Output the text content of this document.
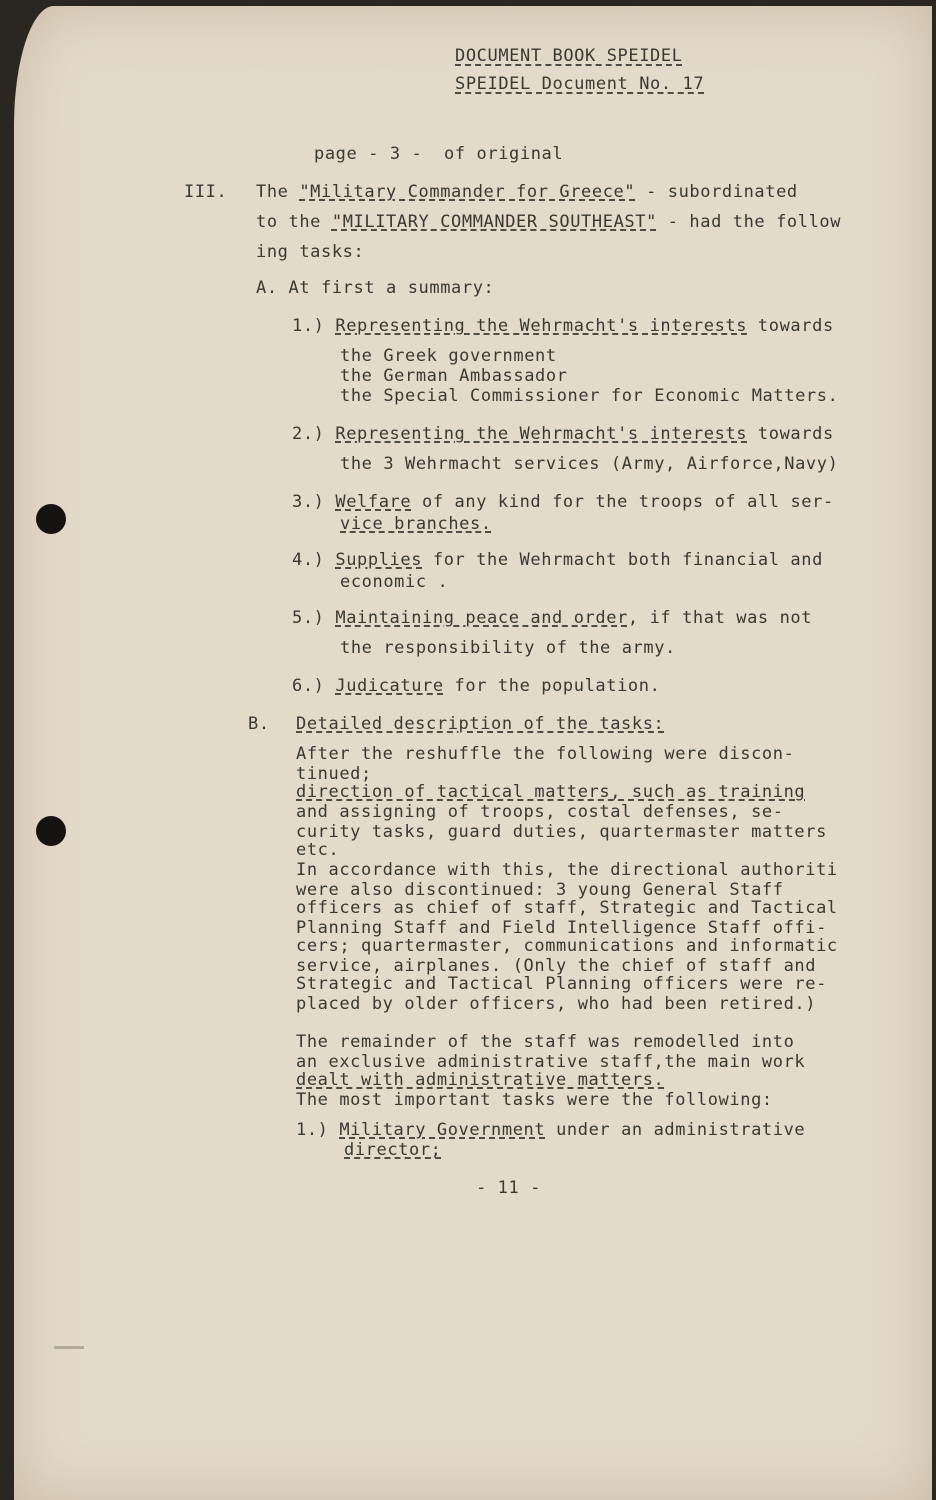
DOCUMENT BOOK SPEIDEL
SPEIDEL Document No. 17
page - 3 -  of original
III. The "Military Commander for Greece" - subordinated
to the "MILITARY COMMANDER SOUTHEAST" - had the follow
ing tasks:
A. At first a summary:
1.) Representing the Wehrmacht's interests towards
the Greek government
the German Ambassador
the Special Commissioner for Economic Matters.
2.) Representing the Wehrmacht's interests towards
the 3 Wehrmacht services (Army, Airforce,Navy)
3.) Welfare of any kind for the troops of all ser-
vice branches.
4.) Supplies for the Wehrmacht both financial and
economic .
5.) Maintaining peace and order, if that was not
the responsibility of the army.
6.) Judicature for the population.
B. Detailed description of the tasks:
After the reshuffle the following were discon-
tinued;
direction of tactical matters, such as training
and assigning of troops, costal defenses, se-
curity tasks, guard duties, quartermaster matters
etc.
In accordance with this, the directional authoriti
were also discontinued: 3 young General Staff
officers as chief of staff, Strategic and Tactical
Planning Staff and Field Intelligence Staff offi-
cers; quartermaster, communications and informatic
service, airplanes. (Only the chief of staff and
Strategic and Tactical Planning officers were re-
placed by older officers, who had been retired.)
The remainder of the staff was remodelled into
an exclusive administrative staff,the main work
dealt with administrative matters.
The most important tasks were the following:
1.) Military Government under an administrative
director;
- 11 -
